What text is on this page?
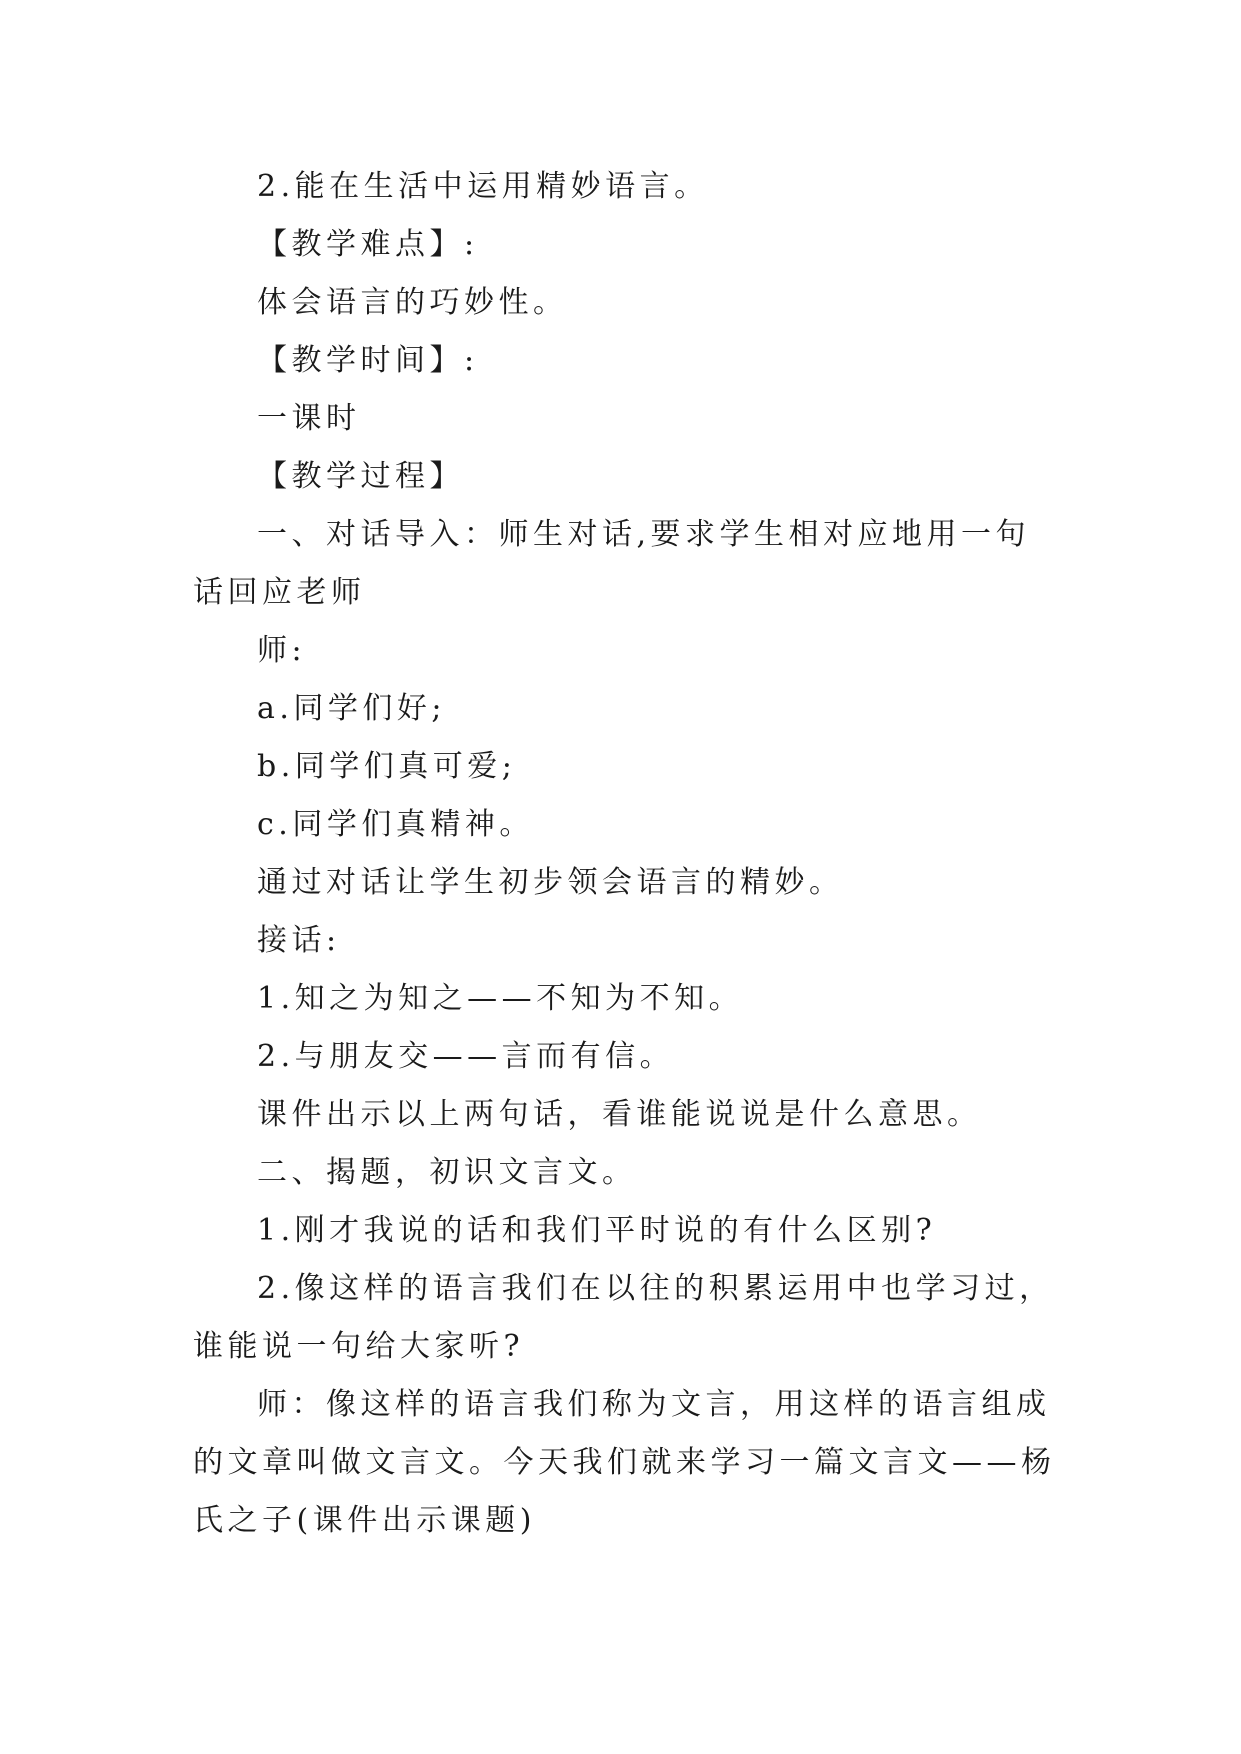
2.能在生活中运用精妙语言。

【教学难点】:

体会语言的巧妙性。

【教学时间】:

一课时

【教学过程】

一、对话导入：师生对话,要求学生相对应地用一句话回应老师

师:

a.同学们好;

b.同学们真可爱;

c.同学们真精神。

通过对话让学生初步领会语言的精妙。

接话:

1.知之为知之——不知为不知。

2.与朋友交——言而有信。

课件出示以上两句话，看谁能说说是什么意思。

二、揭题，初识文言文。

1.刚才我说的话和我们平时说的有什么区别?

2.像这样的语言我们在以往的积累运用中也学习过，谁能说一句给大家听?

师：像这样的语言我们称为文言，用这样的语言组成的文章叫做文言文。今天我们就来学习一篇文言文——杨氏之子(课件出示课题)
